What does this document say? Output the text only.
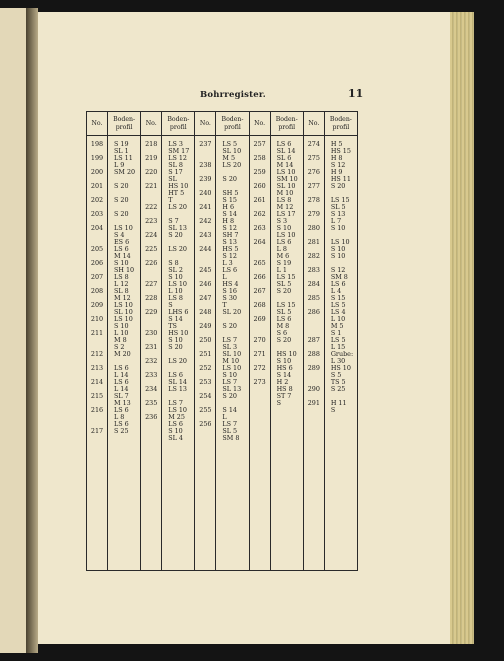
Bohrregister.	11
No.
198
199
200
201
202
203
204
205
206
207
208
209
210
211
212
213
214
215
216
217
Boden-
profil
S 19
SL 1
LS 11
L 9
SM 20
S 20
S 20
S 20
LS 10
S 4
ES 6
LS 6
M 14
S 10
SH 10
LS 8
L 12
SL 8
M 12
LS 10
SL 10
LS 10
S 10
L 10
M 8
S 2
M 20
LS 6
L 14
LS 6
L 14
SL 7
M 13
LS 6
L 8
LS 6
S 25
No.
218
219
220
221
222
223
224
225
226
227
228
229
230
231
232
233
234
235
236
Boden-
profil
LS 3
SM 17
LS 12
SL 8
S 17
SL
HS 10
HT 5
T
LS 20
S 7
SL 13
S 20
LS 20
S 8
SL 2
S 10
LS 10
L 10
LS 8
S
LHS 6
S 14
TS
HS 10
S 10
S 20
LS 20
LS 6
SL 14
LS 13
LS 7
LS 10
M 25
LS 6
S 10
SL 4
No.
237
238
239
240
241
242
243
244
245
246
247
248
249
250
251
252
253
254
255
256
Boden-
profil
LS 5
SL 10
M 5
LS 20
S 20
SH 5
S 15
H 6
S 14
H 8
S 12
SH 7
S 13
HS 5
S 12
L 3
LS 6
L
HS 4
S 16
S 30
T
SL 20
S 20
LS 7
SL 3
SL 10
M 10
LS 10
S 10
LS 7
SL 13
S 20
S 14
L
LS 7
SL 5
SM 8
No.
257
258
259
260
261
262
263
264
265
266
267
268
269
270
271
272
273
Boden-
profil
LS 6
SL 14
SL 6
M 14
LS 10
SM 10
SL 10
M 10
LS 8
M 12
LS 17
S 3
S 10
LS 10
LS 6
L 8
M 6
S 19
L 1
LS 15
SL 5
S 20
LS 15
SL 5
LS 6
M 8
S 6
S 20
HS 10
S 10
HS 6
S 14
H 2
HS 8
ST 7
S
No.
274
275
276
277
278
279
280
281
282
283
284
285
286
287
288
289
290
291
Boden-
profil
H 5
HS 15
H 8
S 12
H 9
HS 11
S 20
LS 15
SL 5
S 13
L 7
S 10
LS 10
S 10
S 10
S 12
SM 8
LS 6
L 4
S 15
LS 5
LS 4
L 10
M 5
S 1
LS 5
L 15
Grube:
L 30
HS 10
S 5
TS 5
S 25
H 11
S
